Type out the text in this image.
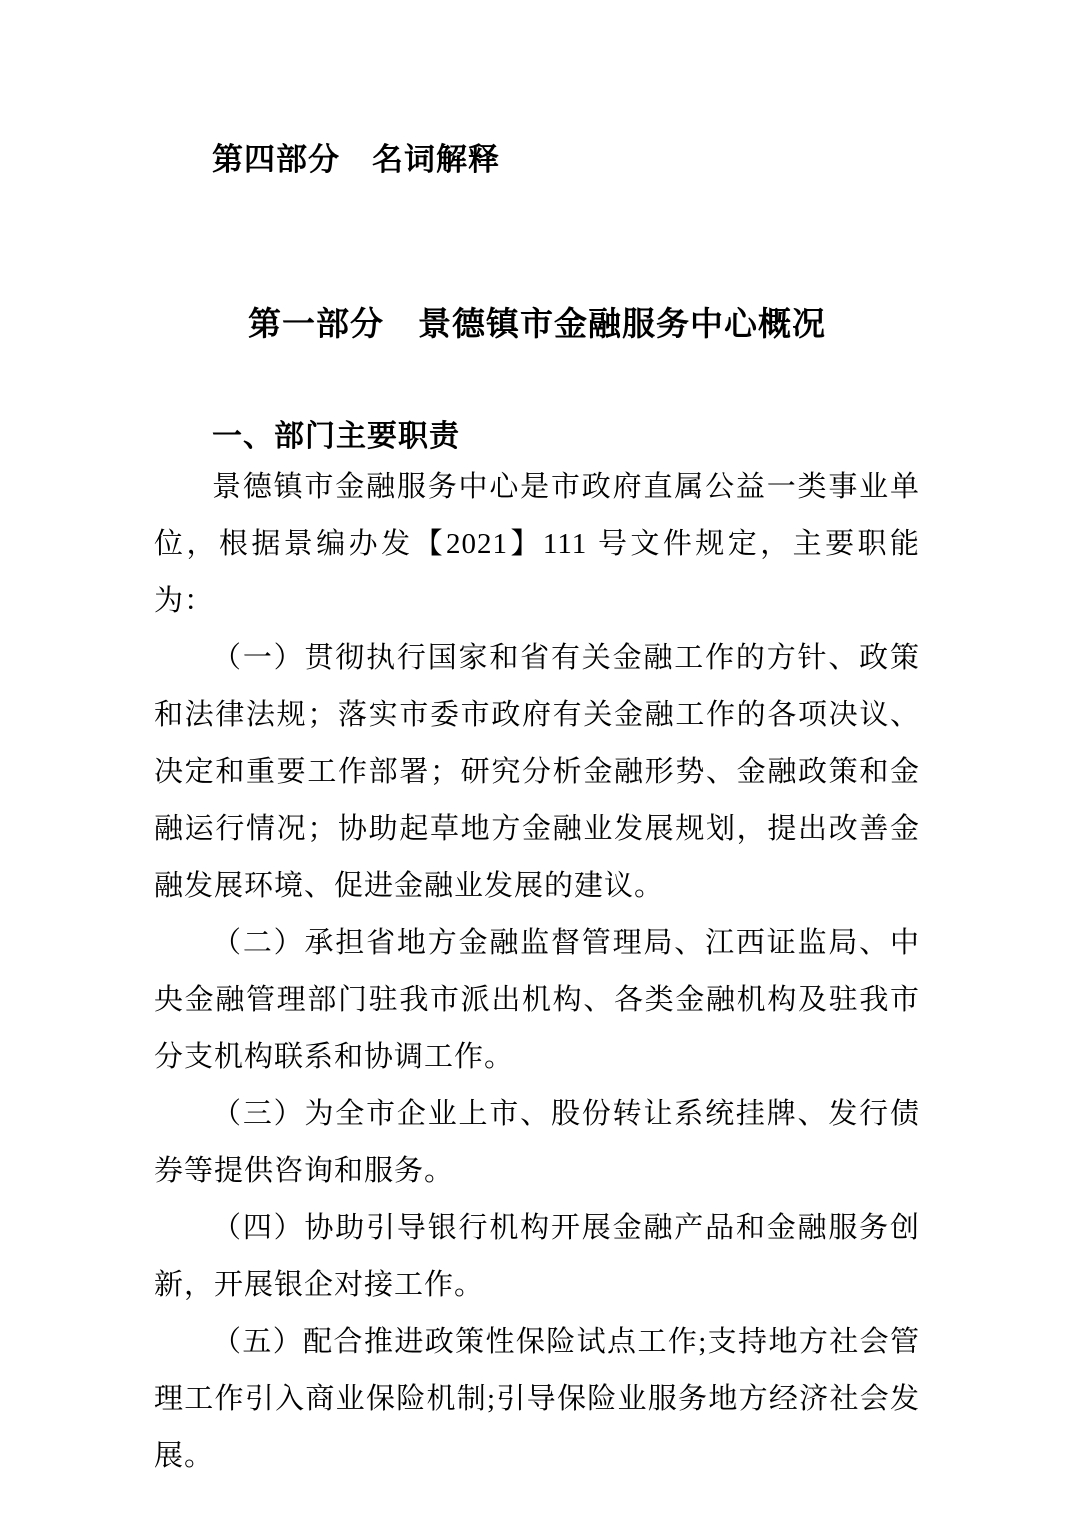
第四部分　名词解释
第一部分　景德镇市金融服务中心概况
一、部门主要职责

景德镇市金融服务中心是市政府直属公益一类事业单位，根据景编办发【2021】111 号文件规定，主要职能为：

（一）贯彻执行国家和省有关金融工作的方针、政策和法律法规；落实市委市政府有关金融工作的各项决议、决定和重要工作部署；研究分析金融形势、金融政策和金融运行情况；协助起草地方金融业发展规划，提出改善金融发展环境、促进金融业发展的建议。

（二）承担省地方金融监督管理局、江西证监局、中央金融管理部门驻我市派出机构、各类金融机构及驻我市分支机构联系和协调工作。

（三）为全市企业上市、股份转让系统挂牌、发行债券等提供咨询和服务。

（四）协助引导银行机构开展金融产品和金融服务创新，开展银企对接工作。

（五）配合推进政策性保险试点工作;支持地方社会管理工作引入商业保险机制;引导保险业服务地方经济社会发展。
